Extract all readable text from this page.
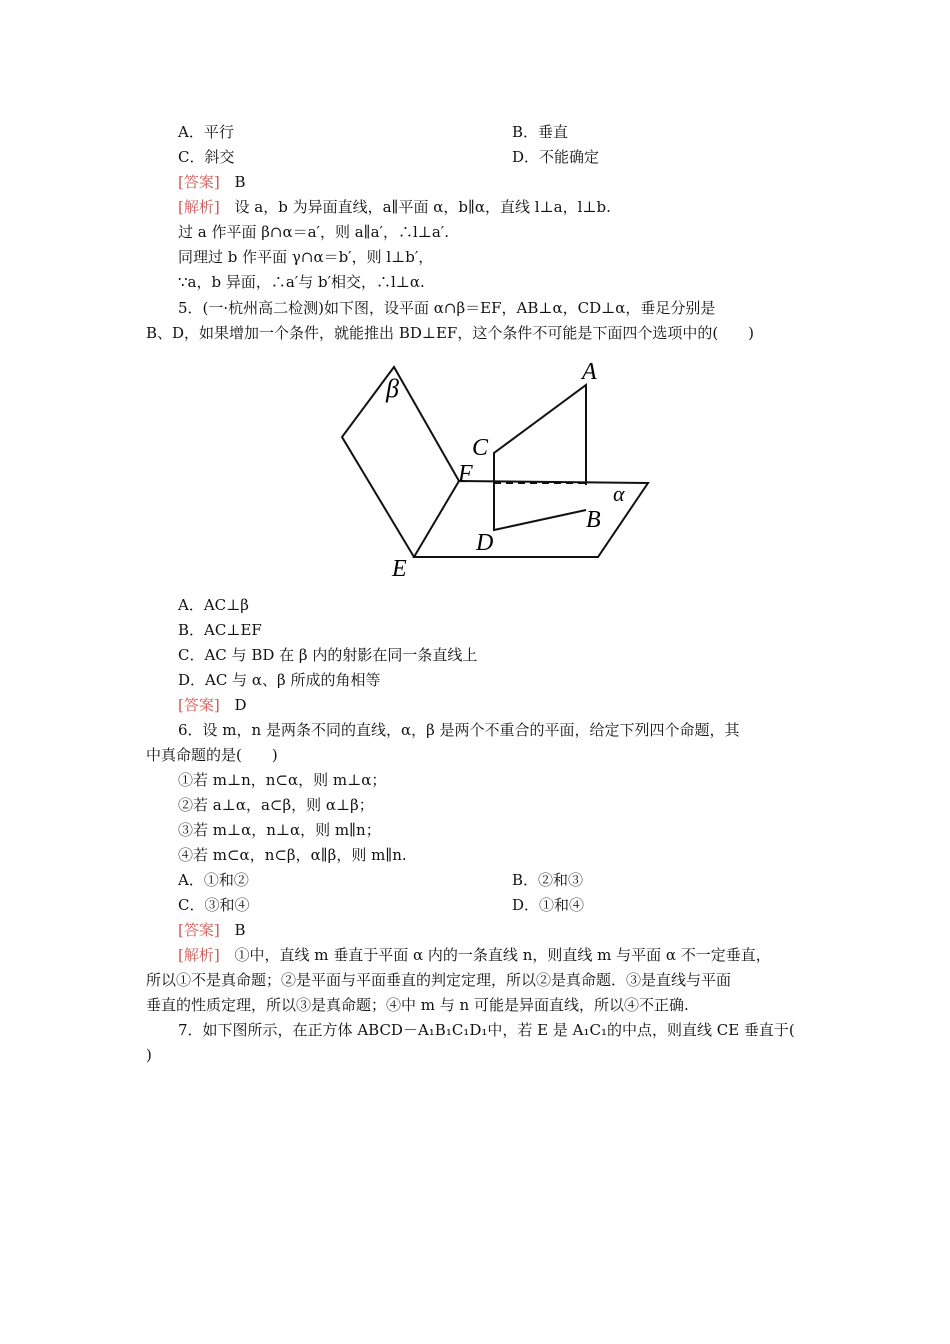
A．平行	B．垂直
C．斜交	D．不能确定
[答案] B
[解析] 设 a，b 为异面直线，a∥平面 α，b∥α，直线 l⊥a，l⊥b.
过 a 作平面 β∩α＝a′，则 a∥a′，∴l⊥a′.
同理过 b 作平面 γ∩α＝b′，则 l⊥b′，
∵a，b 异面，∴a′与 b′相交，∴l⊥α.
5．(一·杭州高二检测)如下图，设平面 α∩β＝EF，AB⊥α，CD⊥α，垂足分别是
B、D，如果增加一个条件，就能推出 BD⊥EF，这个条件不可能是下面四个选项中的(　　)
β
A
C
F
α
B
D
E
A．AC⊥β
B．AC⊥EF
C．AC 与 BD 在 β 内的射影在同一条直线上
D．AC 与 α、β 所成的角相等
[答案] D
6．设 m，n 是两条不同的直线，α，β 是两个不重合的平面，给定下列四个命题，其
中真命题的是(　　)
①若 m⊥n，n⊂α，则 m⊥α；
②若 a⊥α，a⊂β，则 α⊥β；
③若 m⊥α，n⊥α，则 m∥n；
④若 m⊂α，n⊂β，α∥β，则 m∥n.
A．①和②	B．②和③
C．③和④	D．①和④
[答案] B
[解析] ①中，直线 m 垂直于平面 α 内的一条直线 n，则直线 m 与平面 α 不一定垂直，
所以①不是真命题；②是平面与平面垂直的判定定理，所以②是真命题．③是直线与平面
垂直的性质定理，所以③是真命题；④中 m 与 n 可能是异面直线，所以④不正确.
7．如下图所示，在正方体 ABCD－A₁B₁C₁D₁中，若 E 是 A₁C₁的中点，则直线 CE 垂直于(
)
